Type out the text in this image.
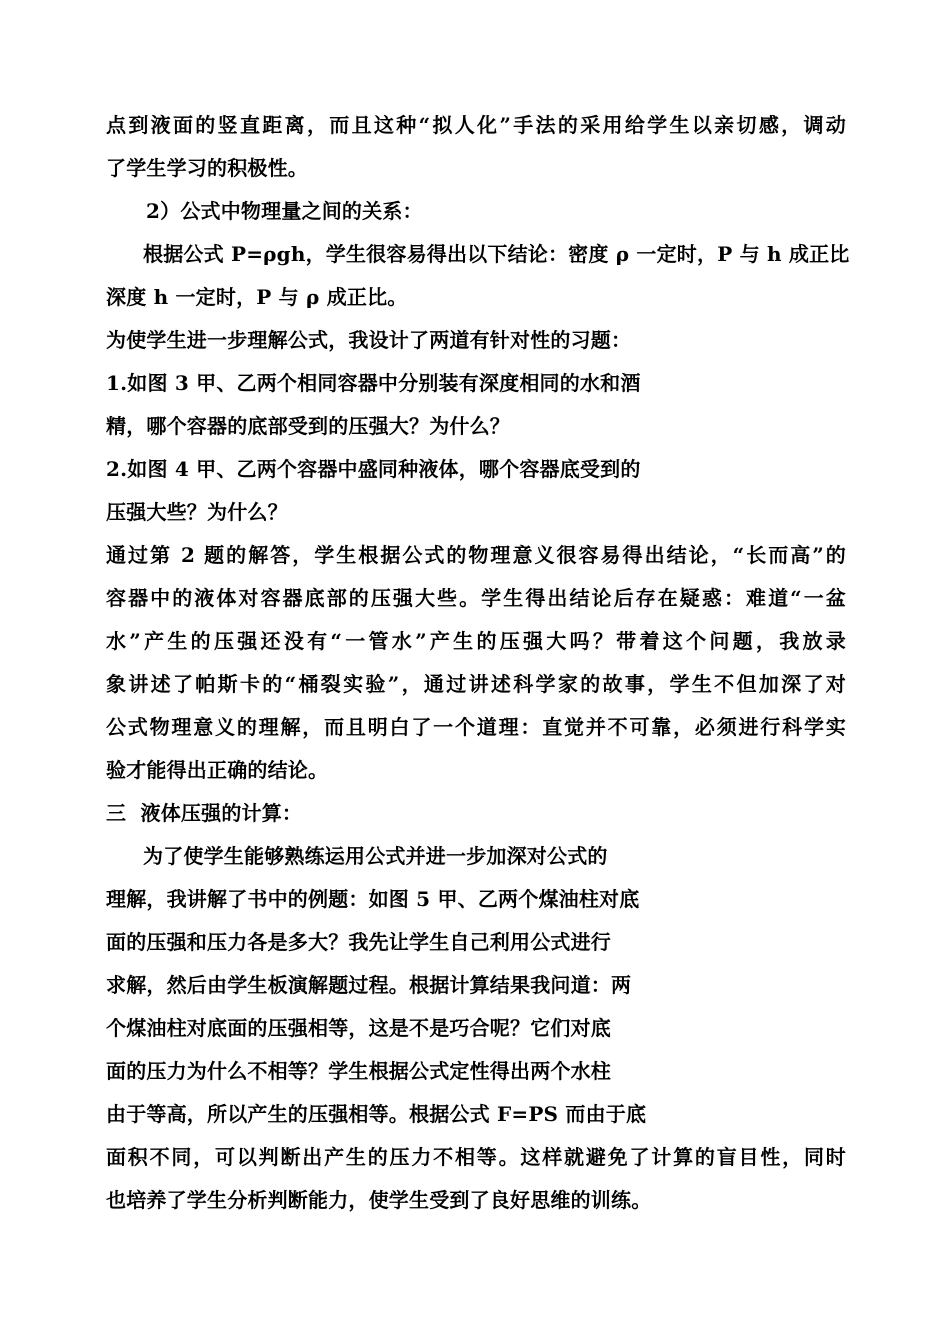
点到液面的竖直距离，而且这种“拟人化”手法的采用给学生以亲切感，调动
了学生学习的积极性。
2）公式中物理量之间的关系：
根据公式 P=ρgh，学生很容易得出以下结论：密度 ρ 一定时，P 与 h 成正比
深度 h 一定时，P 与 ρ 成正比。
为使学生进一步理解公式，我设计了两道有针对性的习题：
1.如图 3 甲、乙两个相同容器中分别装有深度相同的水和酒
精，哪个容器的底部受到的压强大？为什么？
2.如图 4 甲、乙两个容器中盛同种液体，哪个容器底受到的
压强大些？为什么？
通过第 2 题的解答，学生根据公式的物理意义很容易得出结论，“长而高”的
容器中的液体对容器底部的压强大些。学生得出结论后存在疑惑：难道“一盆
水”产生的压强还没有“一管水”产生的压强大吗？带着这个问题，我放录
象讲述了帕斯卡的“桶裂实验”，通过讲述科学家的故事，学生不但加深了对
公式物理意义的理解，而且明白了一个道理：直觉并不可靠，必须进行科学实
验才能得出正确的结论。
三  液体压强的计算：
为了使学生能够熟练运用公式并进一步加深对公式的
理解，我讲解了书中的例题：如图 5 甲、乙两个煤油柱对底
面的压强和压力各是多大？我先让学生自己利用公式进行
求解，然后由学生板演解题过程。根据计算结果我问道：两
个煤油柱对底面的压强相等，这是不是巧合呢？它们对底
面的压力为什么不相等？学生根据公式定性得出两个水柱
由于等高，所以产生的压强相等。根据公式 F=PS 而由于底
面积不同，可以判断出产生的压力不相等。这样就避免了计算的盲目性，同时
也培养了学生分析判断能力，使学生受到了良好思维的训练。
